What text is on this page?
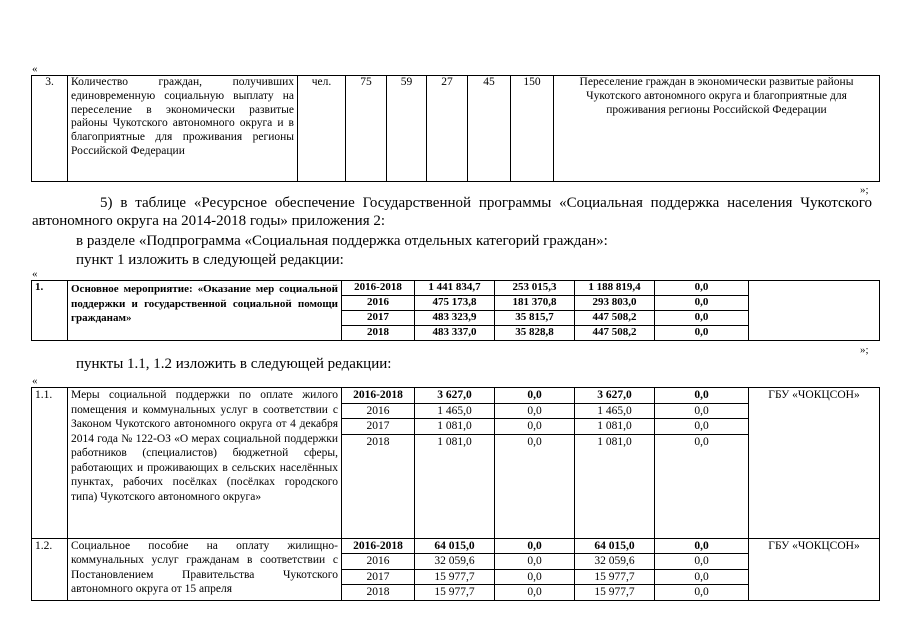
«
3.	Количество граждан, получивших единовременную социальную выплату на переселение в экономически развитые районы Чукотского автономного округа и в благоприятные для проживания регионы Российской Федерации	чел.	75	59	27	45	150	Переселение граждан в экономически развитые районы Чукотского автономного округа и благоприятные для проживания регионы Российской Федерации
»;
5) в таблице «Ресурсное обеспечение Государственной программы «Социальная поддержка населения Чукотского
автономного округа на 2014-2018 годы» приложения 2:
в разделе «Подпрограмма «Социальная поддержка отдельных категорий граждан»:
пункт 1 изложить в следующей редакции:
«
1.	Основное мероприятие: «Оказание мер социальной поддержки и государственной социальной помощи гражданам»	2016-2018	1 441 834,7	253 015,3	1 188 819,4	0,0	
		2016	475 173,8	181 370,8	293 803,0	0,0	
		2017	483 323,9	35 815,7	447 508,2	0,0	
		2018	483 337,0	35 828,8	447 508,2	0,0	
»;
пункты 1.1, 1.2 изложить в следующей редакции:
«
1.1.	Меры социальной поддержки по оплате жилого помещения и коммунальных услуг в соответствии с Законом Чукотского автономного округа от 4 декабря 2014 года № 122-ОЗ «О мерах социальной поддержки работников (специалистов) бюджетной сферы, работающих и проживающих в сельских населённых пунктах, рабочих посёлках (посёлках городского типа) Чукотского автономного округа»	2016-2018	3 627,0	0,0	3 627,0	0,0	ГБУ «ЧОКЦСОН»
		2016	1 465,0	0,0	1 465,0	0,0	
		2017	1 081,0	0,0	1 081,0	0,0	
		2018	1 081,0	0,0	1 081,0	0,0	
1.2.	Социальное пособие на оплату жилищно-коммунальных услуг гражданам в соответствии с Постановлением Правительства Чукотского автономного округа от 15 апреля	2016-2018	64 015,0	0,0	64 015,0	0,0	ГБУ «ЧОКЦСОН»
		2016	32 059,6	0,0	32 059,6	0,0	
		2017	15 977,7	0,0	15 977,7	0,0	
		2018	15 977,7	0,0	15 977,7	0,0	
